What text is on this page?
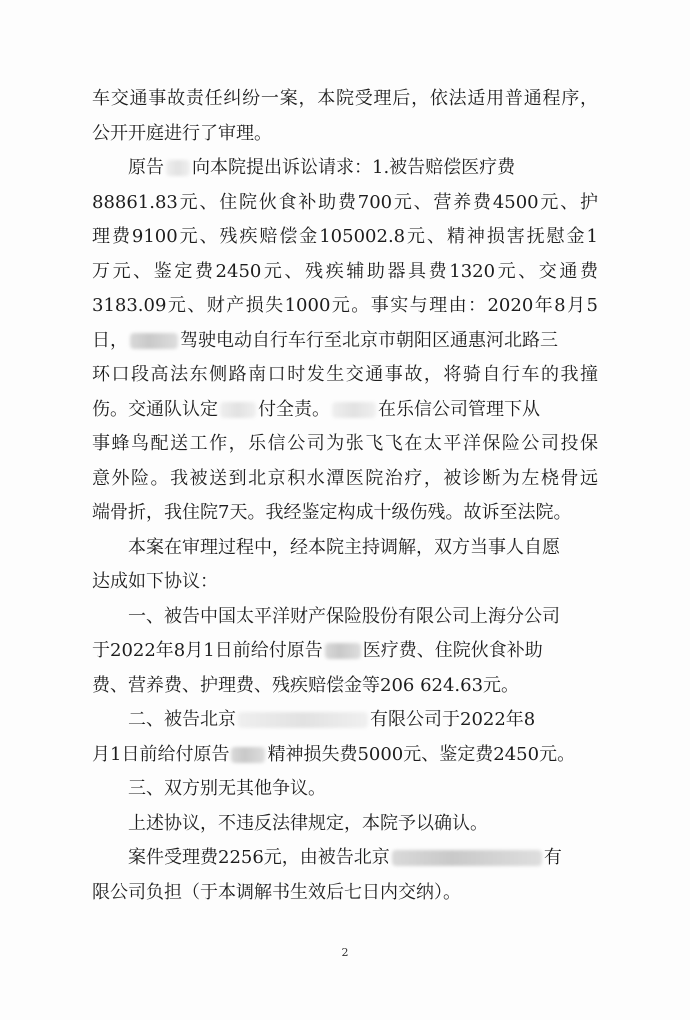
车交通事故责任纠纷一案，本院受理后，依法适用普通程序，
公开开庭进行了审理。
原告 向本院提出诉讼请求：1.被告赔偿医疗费
88861.83元、住院伙食补助费700元、营养费4500元、护
理费9100元、残疾赔偿金105002.8元、精神损害抚慰金1
万元、鉴定费2450元、残疾辅助器具费1320元、交通费
3183.09元、财产损失1000元。事实与理由：2020年8月5
日，	驾驶电动自行车行至北京市朝阳区通惠河北路三
环口段高法东侧路南口时发生交通事故，将骑自行车的我撞
伤。交通队认定 付全责。	在乐信公司管理下从
事蜂鸟配送工作，乐信公司为张飞飞在太平洋保险公司投保
意外险。我被送到北京积水潭医院治疗，被诊断为左桡骨远
端骨折，我住院7天。我经鉴定构成十级伤残。故诉至法院。
本案在审理过程中，经本院主持调解，双方当事人自愿
达成如下协议：
一、被告中国太平洋财产保险股份有限公司上海分公司
于2022年8月1日前给付原告 医疗费、住院伙食补助
费、营养费、护理费、残疾赔偿金等206 624.63元。
二、被告北京	有限公司于2022年8
月1日前给付原告 精神损失费5000元、鉴定费2450元。
三、双方别无其他争议。
上述协议，不违反法律规定，本院予以确认。
案件受理费2256元，由被告北京	有
限公司负担（于本调解书生效后七日内交纳）。
2
